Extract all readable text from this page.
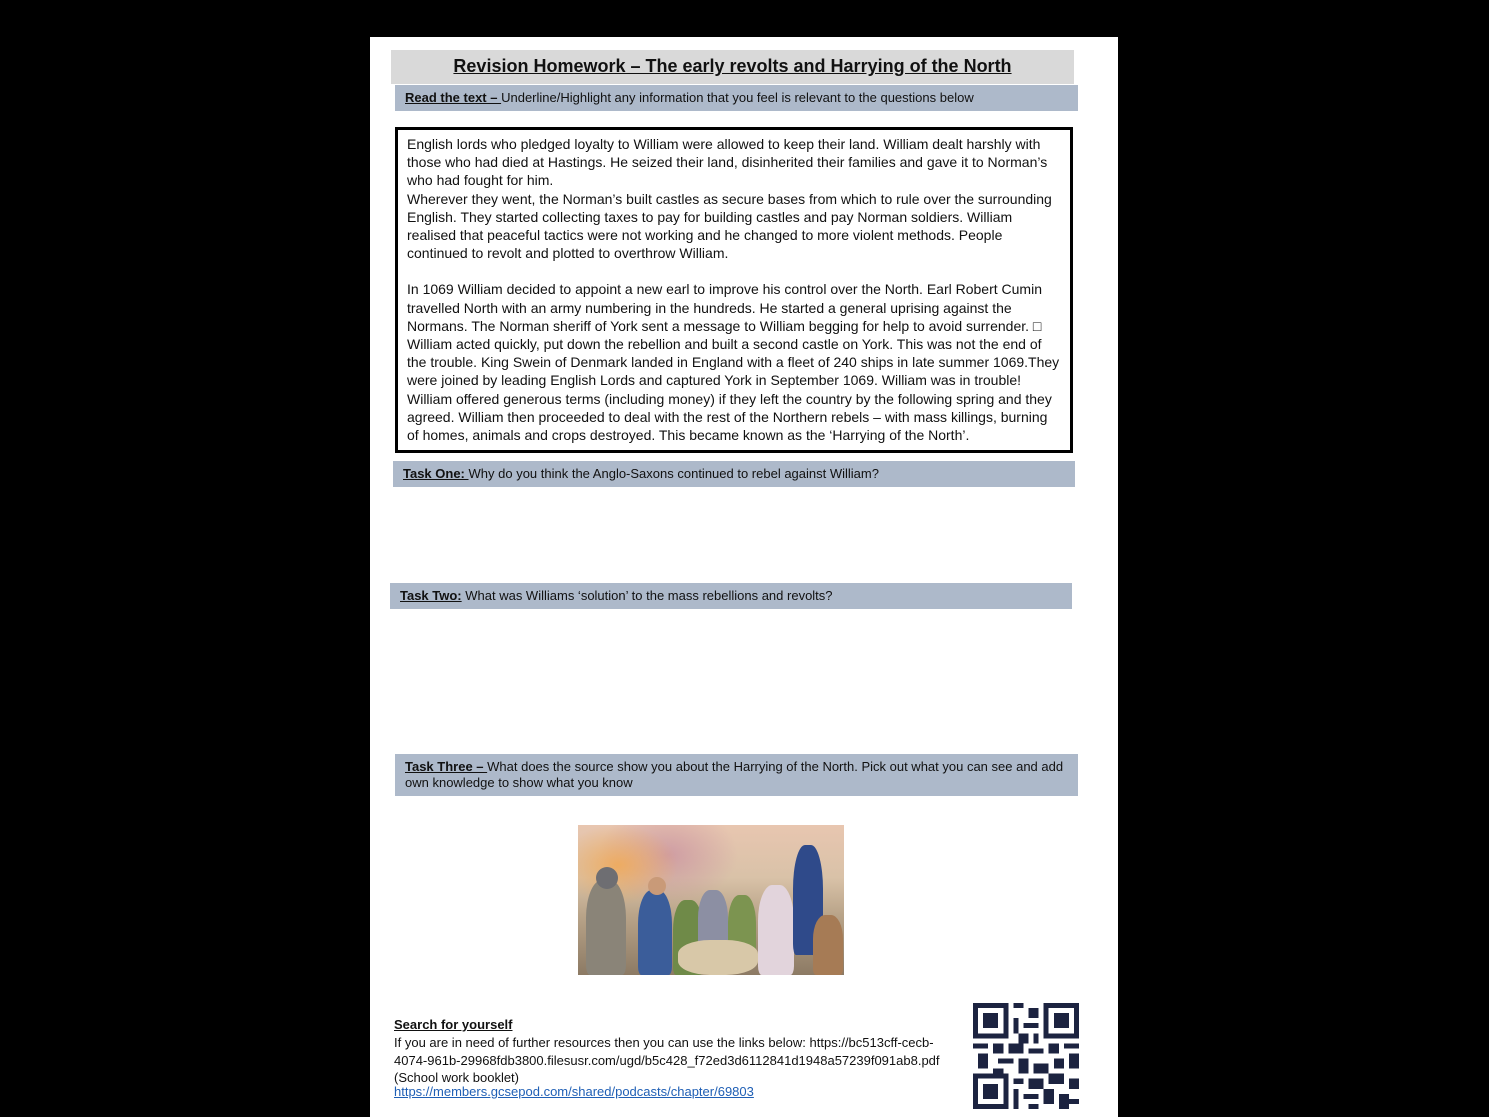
Revision Homework – The early revolts and Harrying of the North
Read the text – Underline/Highlight any information that you feel is relevant to the questions below

English lords who pledged loyalty to William were allowed to keep their land. William dealt harshly with those who had died at Hastings. He seized their land, disinherited their families and gave it to Norman’s who had fought for him.

Wherever they went, the Norman’s built castles as secure bases from which to rule over the surrounding English. They started collecting taxes to pay for building castles and pay Norman soldiers. William realised that peaceful tactics were not working and he changed to more violent methods. People continued to revolt and plotted to overthrow William.

In 1069 William decided to appoint a new earl to improve his control over the North. Earl Robert Cumin travelled North with an army numbering in the hundreds. He started a general uprising against the Normans. The Norman sheriff of York sent a message to William begging for help to avoid surrender. □ William acted quickly, put down the rebellion and built a second castle on York. This was not the end of the trouble. King Swein of Denmark landed in England with a fleet of 240 ships in late summer 1069.They were joined by leading English Lords and captured York in September 1069. William was in trouble! William offered generous terms (including money) if they left the country by the following spring and they agreed. William then proceeded to deal with the rest of the Northern rebels – with mass killings, burning of homes, animals and crops destroyed. This became known as the ‘Harrying of the North’.

Task One: Why do you think the Anglo-Saxons continued to rebel against William?
Task Two: What was Williams ‘solution’ to the mass rebellions and revolts?
Task Three – What does the source show you about the Harrying of the North. Pick out what you can see and add own knowledge to show what you know
Search for yourself
If you are in need of further resources then you can use the links below: https://bc513cff-cecb-4074-961b-29968fdb3800.filesusr.com/ugd/b5c428_f72ed3d6112841d1948a57239f091ab8.pdf (School work booklet)
https://members.gcsepod.com/shared/podcasts/chapter/69803
